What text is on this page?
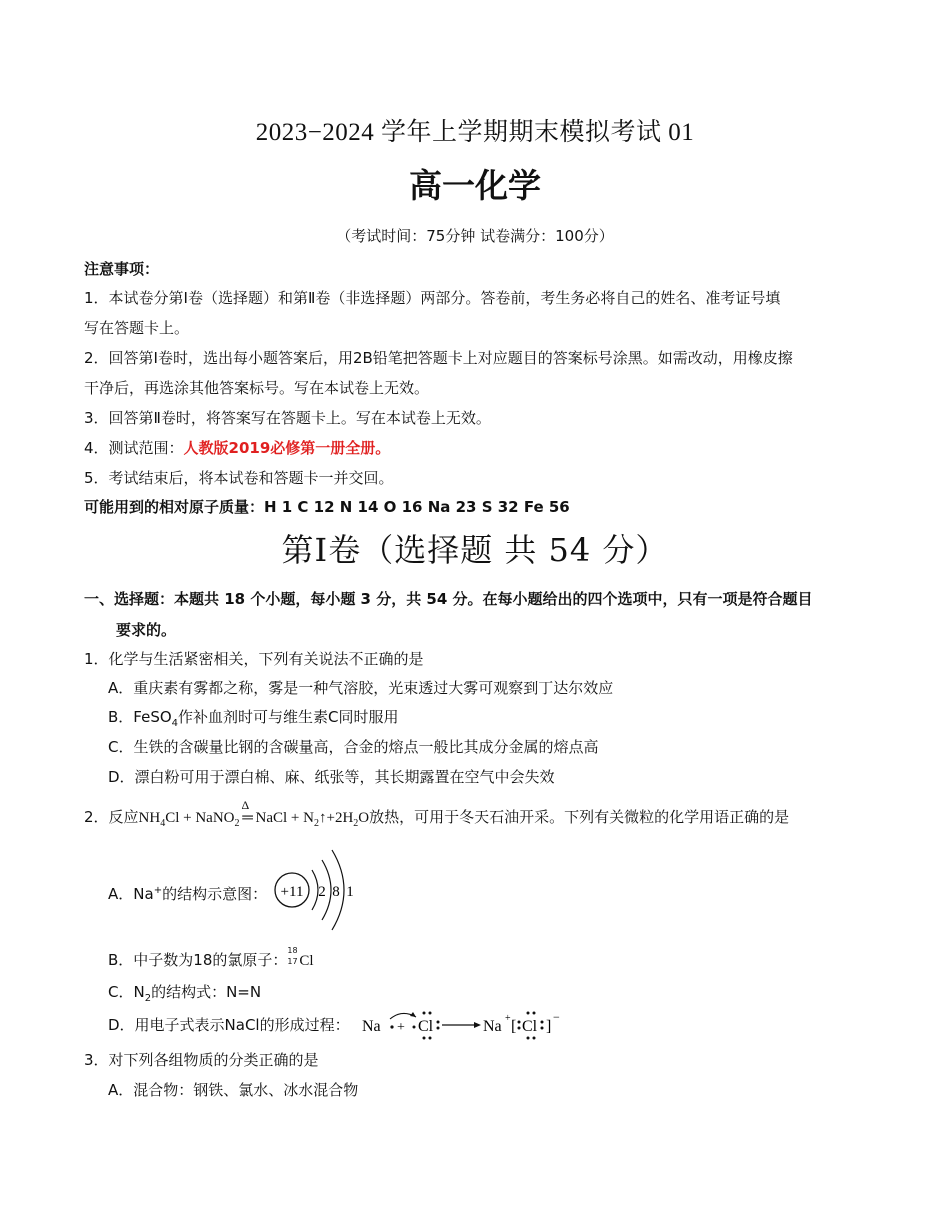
2023−2024 学年上学期期末模拟考试 01
高一化学
（考试时间：75分钟 试卷满分：100分）
注意事项：
1．本试卷分第Ⅰ卷（选择题）和第Ⅱ卷（非选择题）两部分。答卷前，考生务必将自己的姓名、准考证号填
写在答题卡上。
2．回答第Ⅰ卷时，选出每小题答案后，用2B铅笔把答题卡上对应题目的答案标号涂黑。如需改动，用橡皮擦
干净后，再选涂其他答案标号。写在本试卷上无效。
3．回答第Ⅱ卷时，将答案写在答题卡上。写在本试卷上无效。
4．测试范围：人教版2019必修第一册全册。
5．考试结束后，将本试卷和答题卡一并交回。
可能用到的相对原子质量：H 1 C 12 N 14 O 16 Na 23 S 32 Fe 56
第Ⅰ卷（选择题 共 54 分）
一、选择题：本题共 18 个小题，每小题 3 分，共 54 分。在每小题给出的四个选项中，只有一项是符合题目
要求的。
1．化学与生活紧密相关，下列有关说法不正确的是
A．重庆素有雾都之称，雾是一种气溶胶，光束透过大雾可观察到丁达尔效应
B．FeSO$_4$作补血剂时可与维生素C同时服用
C．生铁的含碳量比钢的含碳量高，合金的熔点一般比其成分金属的熔点高
D．漂白粉可用于漂白棉、麻、纸张等，其长期露置在空气中会失效
2．反应$NH_4Cl$ + NaNO$_2$
Δ
═ NaCl + $N_2↑+2H_2O$放热，可用于冬天石油开采。下列有关微粒的化学用语正确的是
A．Na+的结构示意图： +11 2 8 1
B．中子数为18的氯原子：
18
17 Cl
C．$N_2$的结构式：N=N
D．用电子式表示NaCl的形成过程： Na + Cl	Na + [ Cl ]
−
3．对下列各组物质的分类正确的是
A．混合物：钢铁、氯水、冰水混合物
